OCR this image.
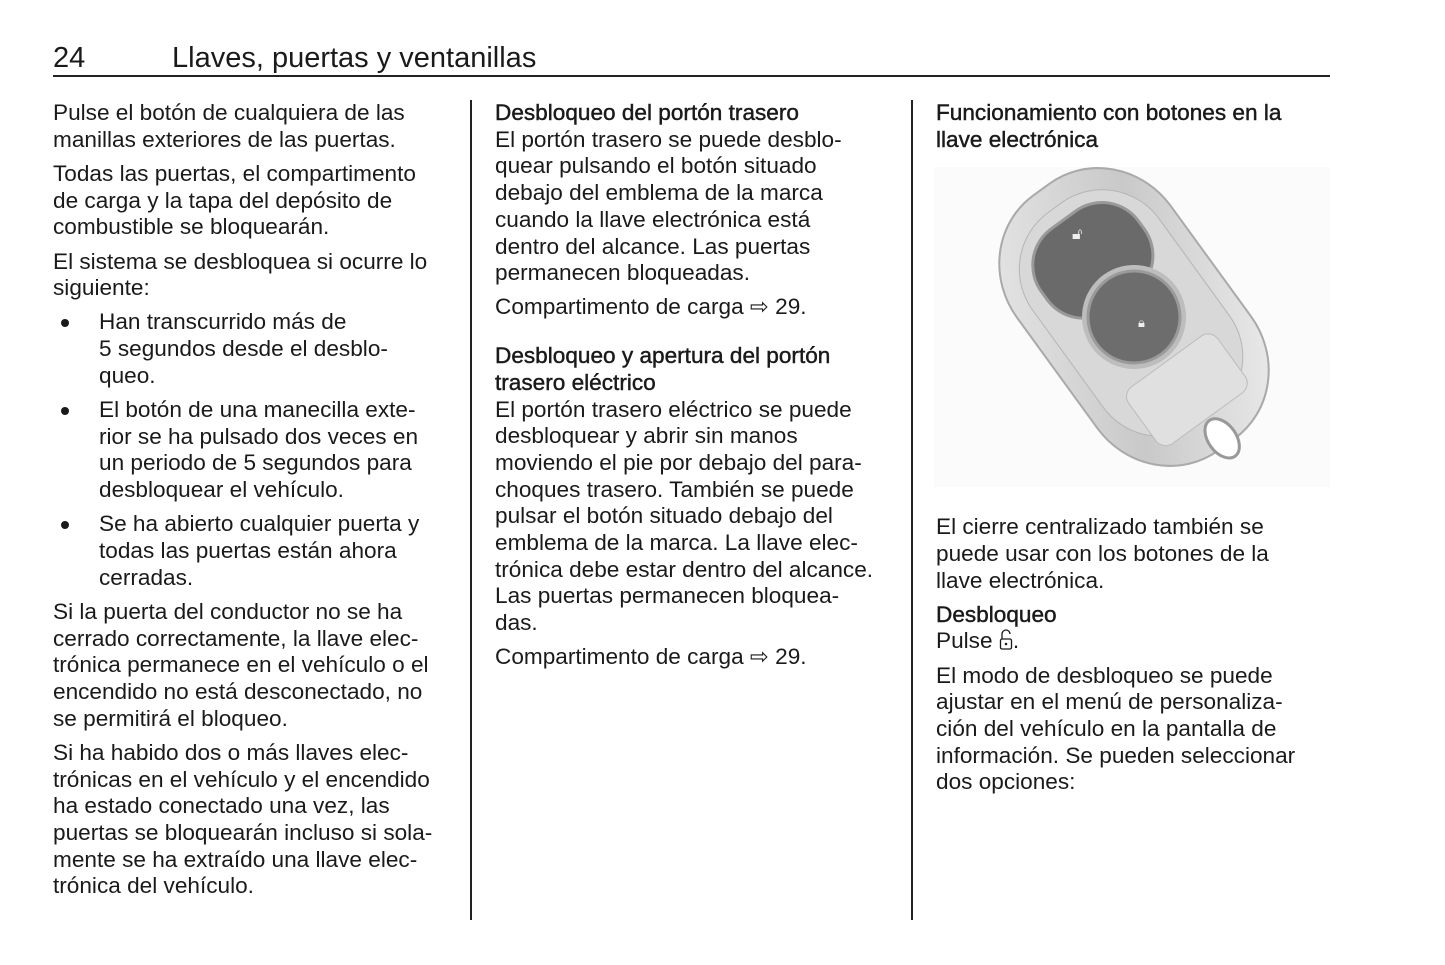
24	Llaves, puertas y ventanillas

Pulse el botón de cualquiera de las
manillas exteriores de las puertas.

Todas las puertas, el compartimento
de carga y la tapa del depósito de
combustible se bloquearán.

El sistema se desbloquea si ocurre lo
siguiente:

Han transcurrido más de
5 segundos desde el desblo-
queo.
El botón de una manecilla exte-
rior se ha pulsado dos veces en
un periodo de 5 segundos para
desbloquear el vehículo.
Se ha abierto cualquier puerta y
todas las puertas están ahora
cerradas.

Si la puerta del conductor no se ha
cerrado correctamente, la llave elec-
trónica permanece en el vehículo o el
encendido no está desconectado, no
se permitirá el bloqueo.

Si ha habido dos o más llaves elec-
trónicas en el vehículo y el encendido
ha estado conectado una vez, las
puertas se bloquearán incluso si sola-
mente se ha extraído una llave elec-
trónica del vehículo.

Desbloqueo del portón trasero

El portón trasero se puede desblo-
quear pulsando el botón situado
debajo del emblema de la marca
cuando la llave electrónica está
dentro del alcance. Las puertas
permanecen bloqueadas.

Compartimento de carga ⇨ 29.

Desbloqueo y apertura del portón
trasero eléctrico

El portón trasero eléctrico se puede
desbloquear y abrir sin manos
moviendo el pie por debajo del para-
choques trasero. También se puede
pulsar el botón situado debajo del
emblema de la marca. La llave elec-
trónica debe estar dentro del alcance.
Las puertas permanecen bloquea-
das.

Compartimento de carga ⇨ 29.

Funcionamiento con botones en la
llave electrónica
🔓︎
🔒︎

El cierre centralizado también se
puede usar con los botones de la
llave electrónica.

Desbloqueo

Pulse .

El modo de desbloqueo se puede
ajustar en el menú de personaliza-
ción del vehículo en la pantalla de
información. Se pueden seleccionar
dos opciones:
